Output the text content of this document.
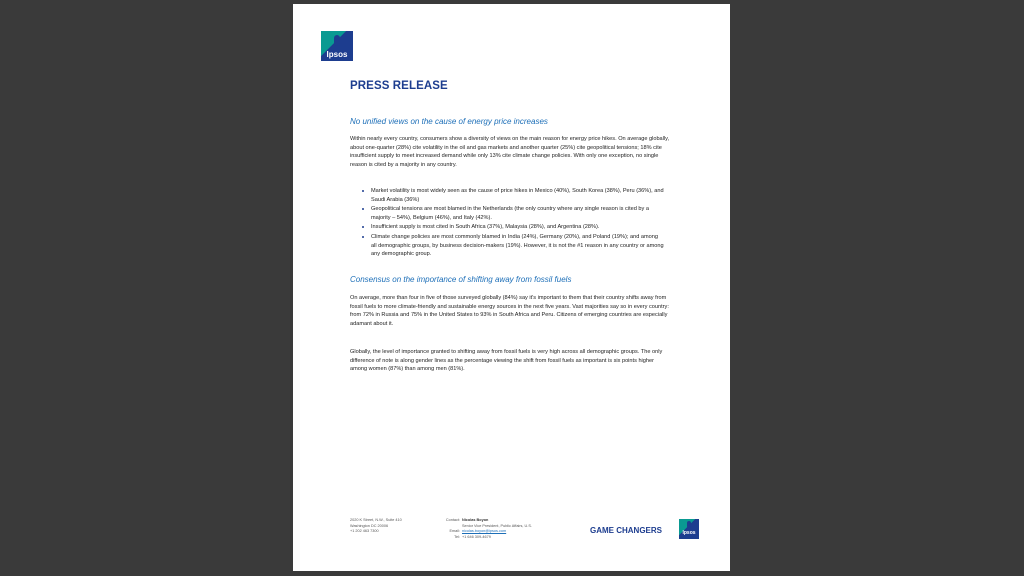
Ipsos
PRESS RELEASE
No unified views on the cause of energy price increases
Within nearly every country, consumers show a diversity of views on the main reason for energy price hikes. On average globally, about one-quarter (28%) cite volatility in the oil and gas markets and another quarter (25%) cite geopolitical tensions; 18% cite insufficient supply to meet increased demand while only 13% cite climate change policies. With only one exception, no single reason is cited by a majority in any country.
Market volatility is most widely seen as the cause of price hikes in Mexico (40%), South Korea (38%), Peru (36%), and Saudi Arabia (36%)
Geopolitical tensions are most blamed in the Netherlands (the only country where any single reason is cited by a majority – 54%), Belgium (46%), and Italy (42%).
Insufficient supply is most cited in South Africa (37%), Malaysia (28%), and Argentina (28%).
Climate change policies are most commonly blamed in India (24%), Germany (20%), and Poland (19%); and among all demographic groups, by business decision-makers (19%). However, it is not the #1 reason in any country or among any demographic group.
Consensus on the importance of shifting away from fossil fuels
On average, more than four in five of those surveyed globally (84%) say it's important to them that their country shifts away from fossil fuels to more climate-friendly and sustainable energy sources in the next five years. Vast majorities say so in every country: from 72% in Russia and 75% in the United States to 93% in South Africa and Peru. Citizens of emerging countries are especially adamant about it.
Globally, the level of importance granted to shifting away from fossil fuels is very high across all demographic groups. The only difference of note is along gender lines as the percentage viewing the shift from fossil fuels as important is six points higher among women (87%) than among men (81%).
2020 K Street, N.W., Suite 410
Washington DC 20006
+1 202 463 7300
Contact: Nicolas Boyon
Senior Vice President, Public Affairs, U.S.
Email: nicolas.boyon@ipsos.com
Tel: +1 646 309-4679
GAME CHANGERS	Ipsos
